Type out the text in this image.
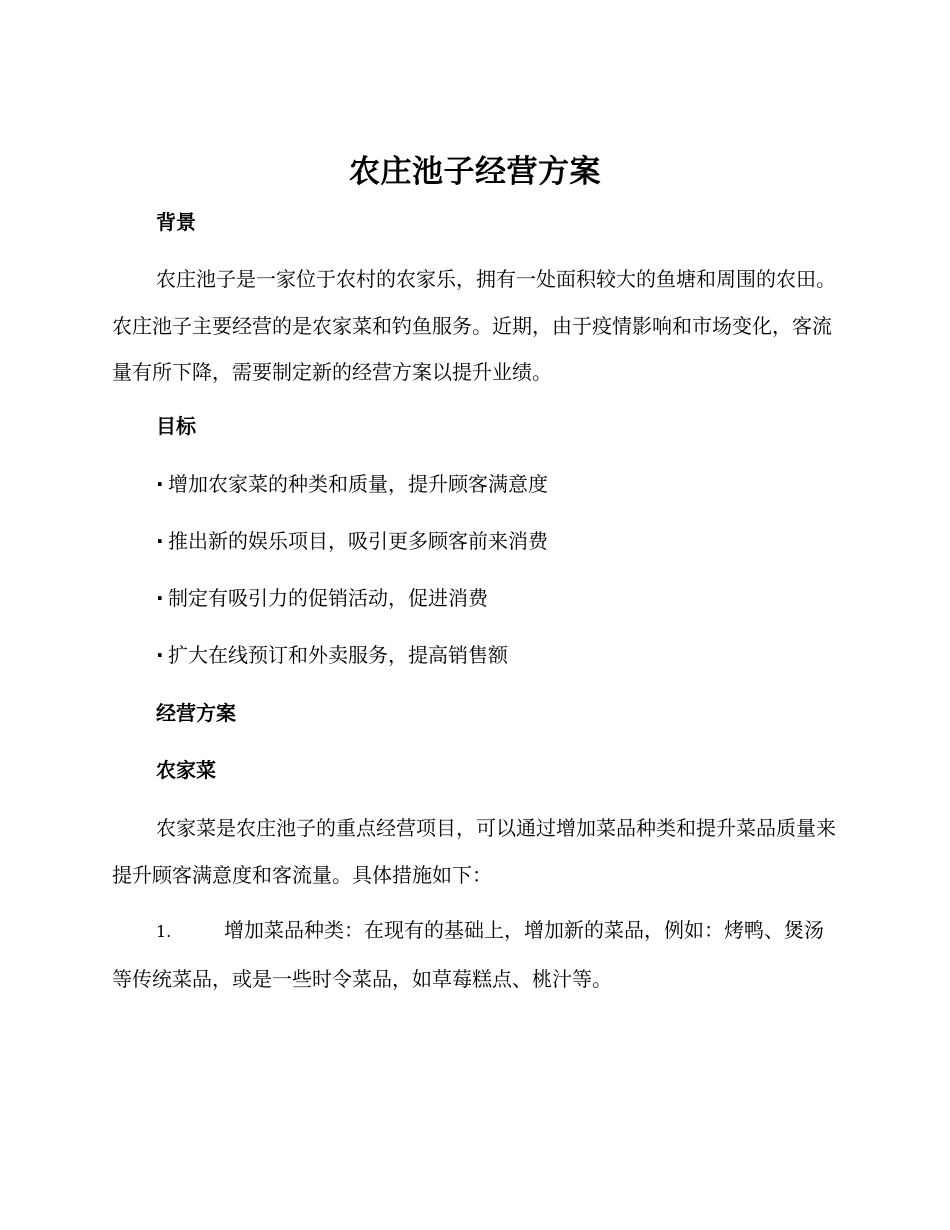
农庄池子经营方案
背景

农庄池子是一家位于农村的农家乐，拥有一处面积较大的鱼塘和周围的农田。农庄池子主要经营的是农家菜和钓鱼服务。近期，由于疫情影响和市场变化，客流量有所下降，需要制定新的经营方案以提升业绩。

目标
· 增加农家菜的种类和质量，提升顾客满意度
· 推出新的娱乐项目，吸引更多顾客前来消费
· 制定有吸引力的促销活动，促进消费
· 扩大在线预订和外卖服务，提高销售额
经营方案
农家菜

农家菜是农庄池子的重点经营项目，可以通过增加菜品种类和提升菜品质量来提升顾客满意度和客流量。具体措施如下：

1.	增加菜品种类：在现有的基础上，增加新的菜品，例如：烤鸭、煲汤等传统菜品，或是一些时令菜品，如草莓糕点、桃汁等。
